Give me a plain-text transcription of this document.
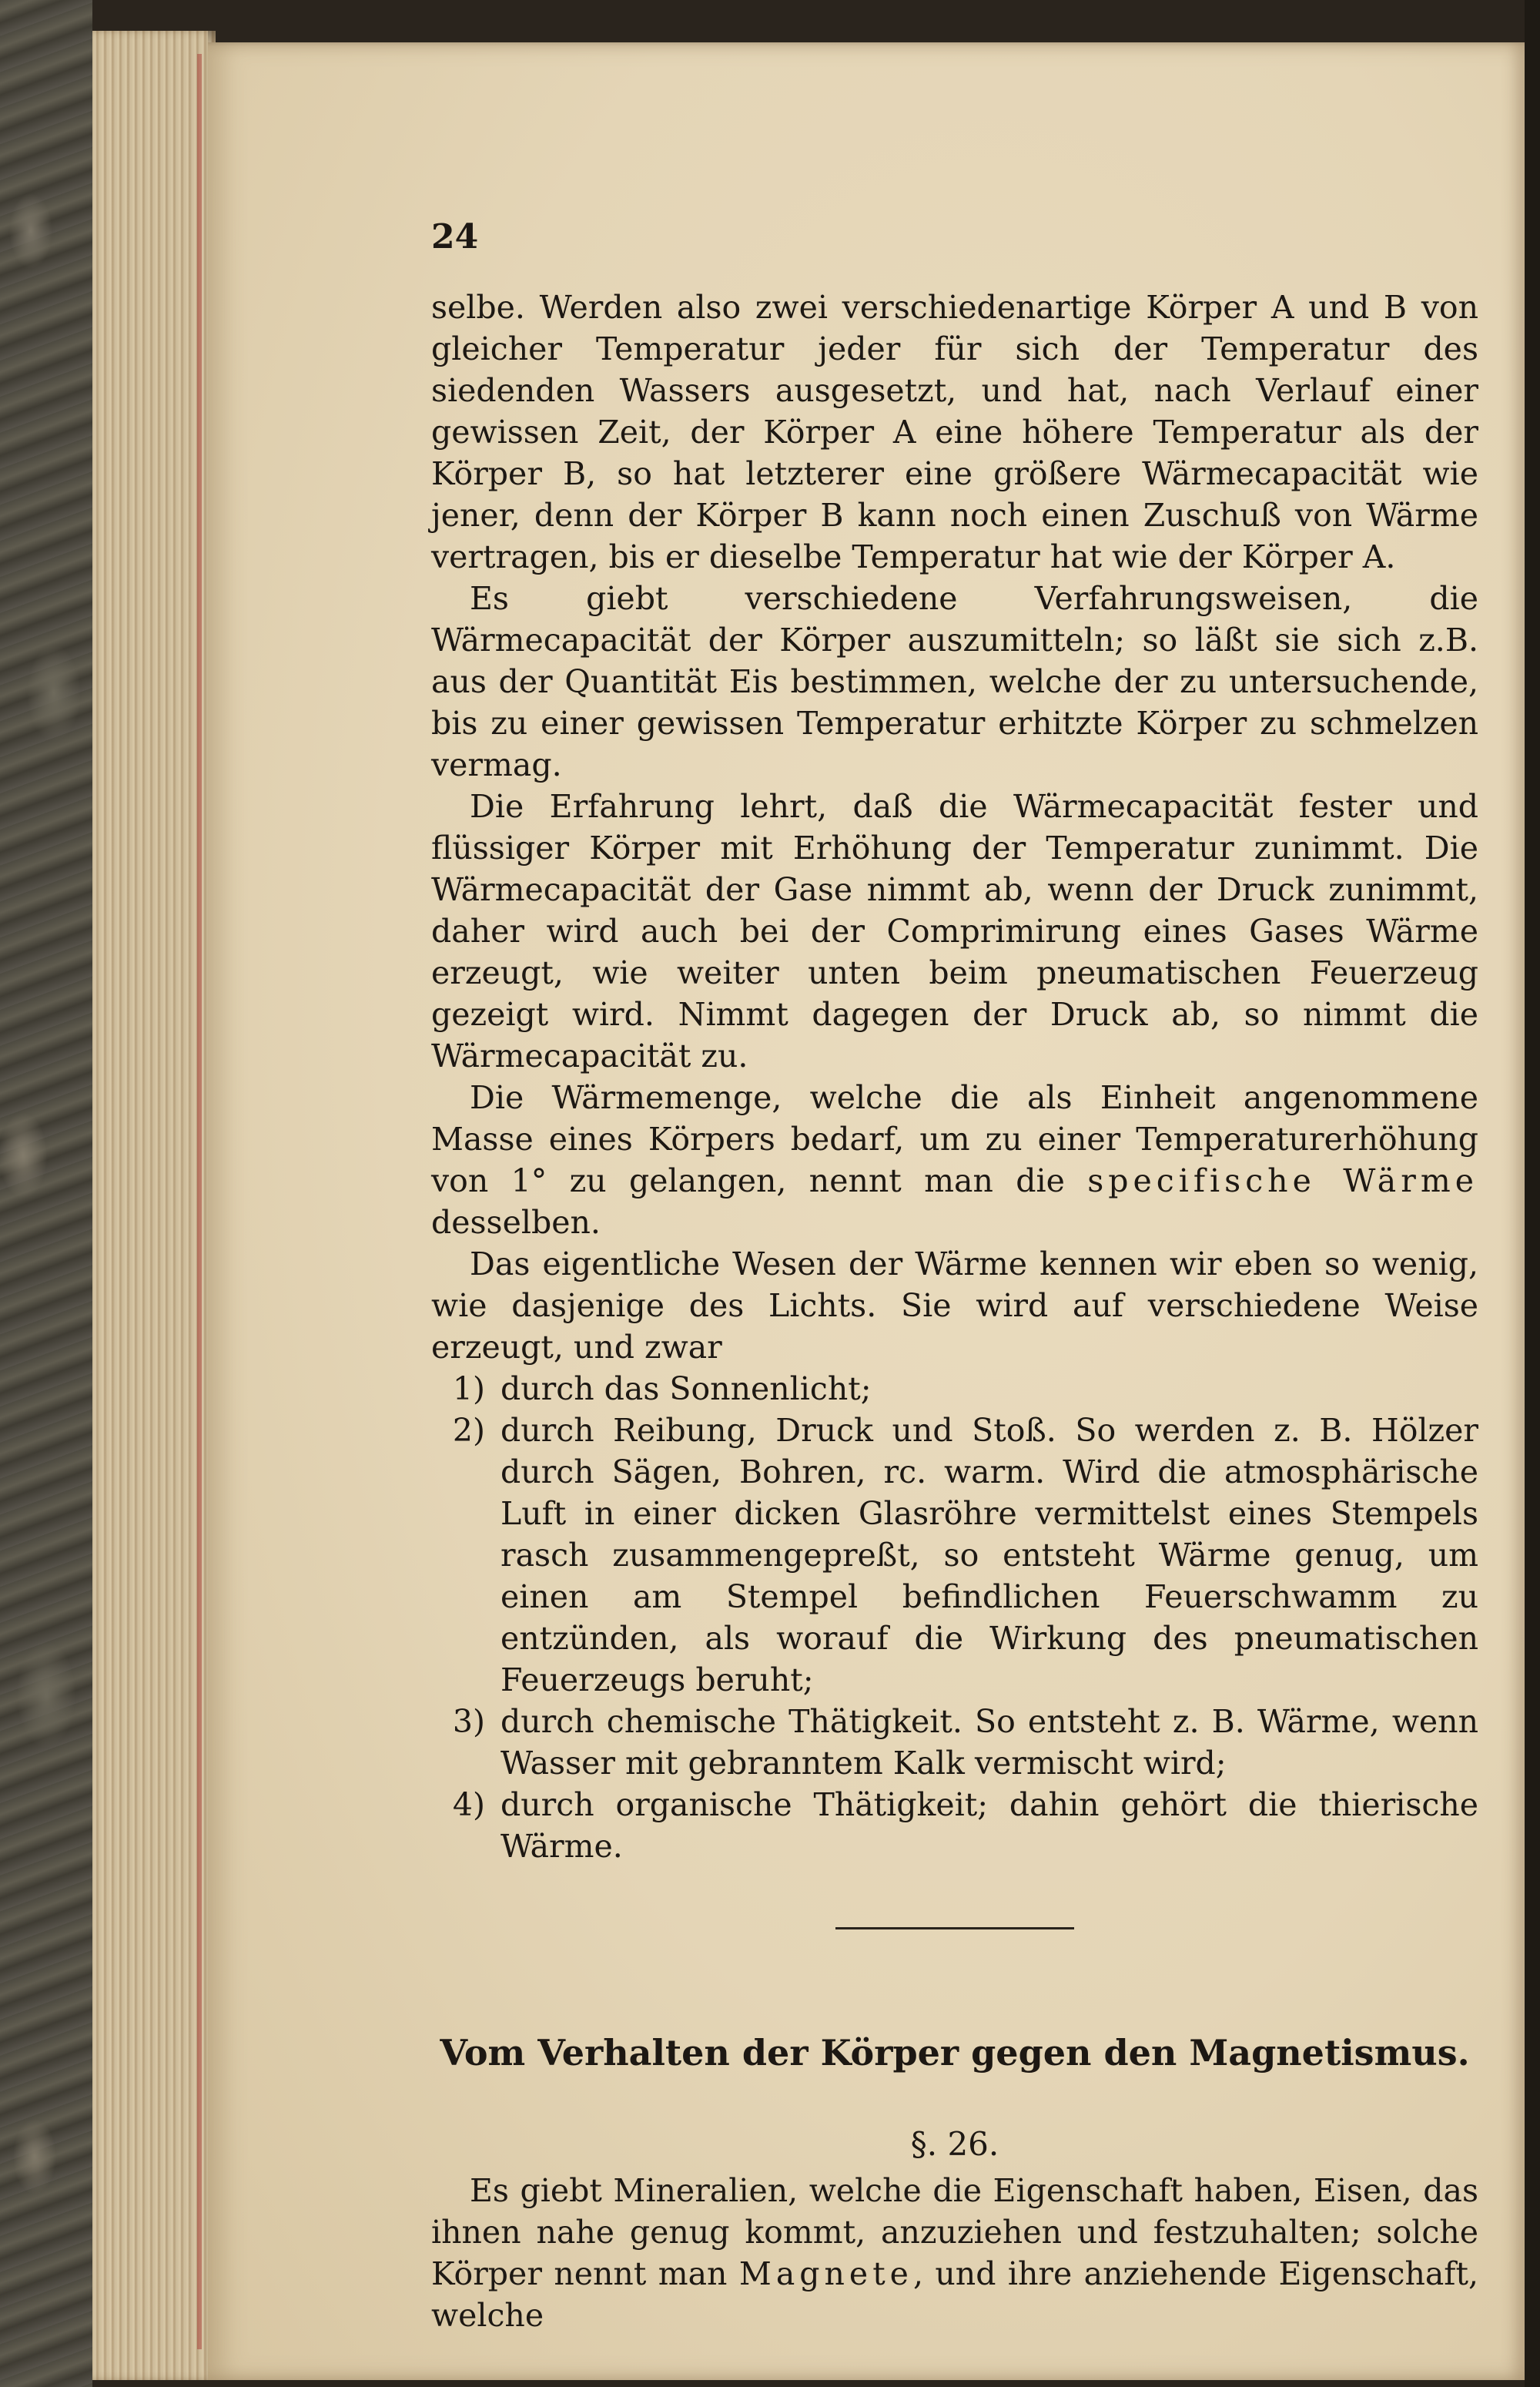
24

selbe. Werden also zwei verschiedenartige Körper A und B von gleicher Temperatur jeder für sich der Temperatur des siedenden Wassers ausgesetzt, und hat, nach Verlauf einer gewissen Zeit, der Körper A eine höhere Temperatur als der Körper B, so hat letzterer eine größere Wärmecapacität wie jener, denn der Körper B kann noch einen Zuschuß von Wärme vertragen, bis er dieselbe Temperatur hat wie der Körper A.

Es giebt verschiedene Verfahrungsweisen, die Wärmecapacität der Körper auszumitteln; so läßt sie sich z.B. aus der Quantität Eis bestimmen, welche der zu untersuchende, bis zu einer gewissen Temperatur erhitzte Körper zu schmelzen vermag.

Die Erfahrung lehrt, daß die Wärmecapacität fester und flüssiger Körper mit Erhöhung der Temperatur zunimmt. Die Wärmecapacität der Gase nimmt ab, wenn der Druck zunimmt, daher wird auch bei der Comprimirung eines Gases Wärme erzeugt, wie weiter unten beim pneumatischen Feuerzeug gezeigt wird. Nimmt dagegen der Druck ab, so nimmt die Wärmecapacität zu.

Die Wärmemenge, welche die als Einheit angenommene Masse eines Körpers bedarf, um zu einer Temperaturerhöhung von 1° zu gelangen, nennt man die specifische Wärme desselben.

Das eigentliche Wesen der Wärme kennen wir eben so wenig, wie dasjenige des Lichts. Sie wird auf verschiedene Weise erzeugt, und zwar

1) durch das Sonnenlicht;
2) durch Reibung, Druck und Stoß. So werden z. B. Hölzer durch Sägen, Bohren, rc. warm. Wird die atmosphärische Luft in einer dicken Glasröhre vermittelst eines Stempels rasch zusammengepreßt, so entsteht Wärme genug, um einen am Stempel befindlichen Feuerschwamm zu entzünden, als worauf die Wirkung des pneumatischen Feuerzeugs beruht;
3) durch chemische Thätigkeit. So entsteht z. B. Wärme, wenn Wasser mit gebranntem Kalk vermischt wird;
4) durch organische Thätigkeit; dahin gehört die thierische Wärme.
Vom Verhalten der Körper gegen den Magnetismus.
§. 26.

Es giebt Mineralien, welche die Eigenschaft haben, Eisen, das ihnen nahe genug kommt, anzuziehen und festzuhalten; solche Körper nennt man Magnete, und ihre anziehende Eigenschaft, welche
